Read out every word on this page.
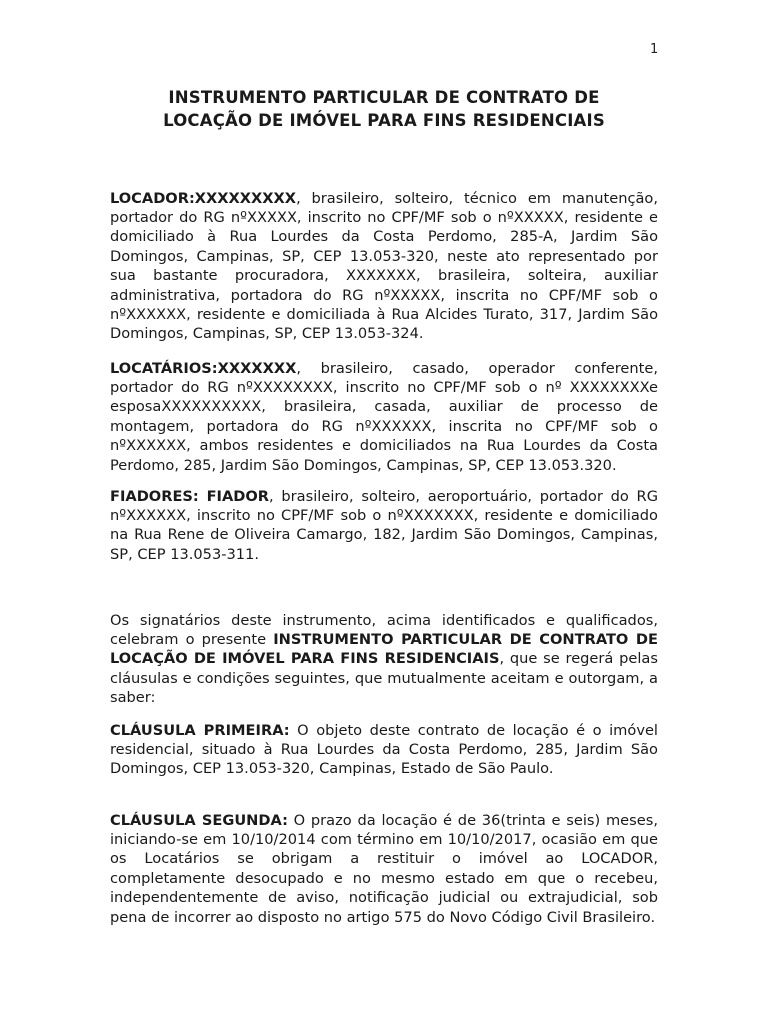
1
INSTRUMENTO PARTICULAR DE CONTRATO DE
LOCAÇÃO DE IMÓVEL PARA FINS RESIDENCIAIS

LOCADOR:XXXXXXXXX, brasileiro, solteiro, técnico em manutenção, portador do RG nºXXXXX, inscrito no CPF/MF sob o nºXXXXX, residente e domiciliado à Rua Lourdes da Costa Perdomo, 285-A, Jardim São Domingos, Campinas, SP, CEP 13.053-320, neste ato representado por sua bastante procuradora, XXXXXXX, brasileira, solteira, auxiliar administrativa, portadora do RG nºXXXXX, inscrita no CPF/MF sob o nºXXXXXX, residente e domiciliada à Rua Alcides Turato, 317, Jardim São Domingos, Campinas, SP, CEP 13.053-324.

LOCATÁRIOS:XXXXXXX, brasileiro, casado, operador conferente, portador do RG nºXXXXXXXX, inscrito no CPF/MF sob o nº XXXXXXXXe esposaXXXXXXXXXX, brasileira, casada, auxiliar de processo de montagem, portadora do RG nºXXXXXX, inscrita no CPF/MF sob o nºXXXXXX, ambos residentes e domiciliados na Rua Lourdes da Costa Perdomo, 285, Jardim São Domingos, Campinas, SP, CEP 13.053.320.

FIADORES: FIADOR, brasileiro, solteiro, aeroportuário, portador do RG nºXXXXXX, inscrito no CPF/MF sob o nºXXXXXXX, residente e domiciliado na Rua Rene de Oliveira Camargo, 182, Jardim São Domingos, Campinas, SP, CEP 13.053-311.

Os signatários deste instrumento, acima identificados e qualificados, celebram o presente INSTRUMENTO PARTICULAR DE CONTRATO DE LOCAÇÃO DE IMÓVEL PARA FINS RESIDENCIAIS, que se regerá pelas cláusulas e condições seguintes, que mutualmente aceitam e outorgam, a saber:

CLÁUSULA PRIMEIRA: O objeto deste contrato de locação é o imóvel residencial, situado à Rua Lourdes da Costa Perdomo, 285, Jardim São Domingos, CEP 13.053-320, Campinas, Estado de São Paulo.

CLÁUSULA SEGUNDA: O prazo da locação é de 36(trinta e seis) meses, iniciando-se em 10/10/2014 com término em 10/10/2017, ocasião em que os Locatários se obrigam a restituir o imóvel ao LOCADOR, completamente desocupado e no mesmo estado em que o recebeu, independentemente de aviso, notificação judicial ou extrajudicial, sob pena de incorrer ao disposto no artigo 575 do Novo Código Civil Brasileiro.
